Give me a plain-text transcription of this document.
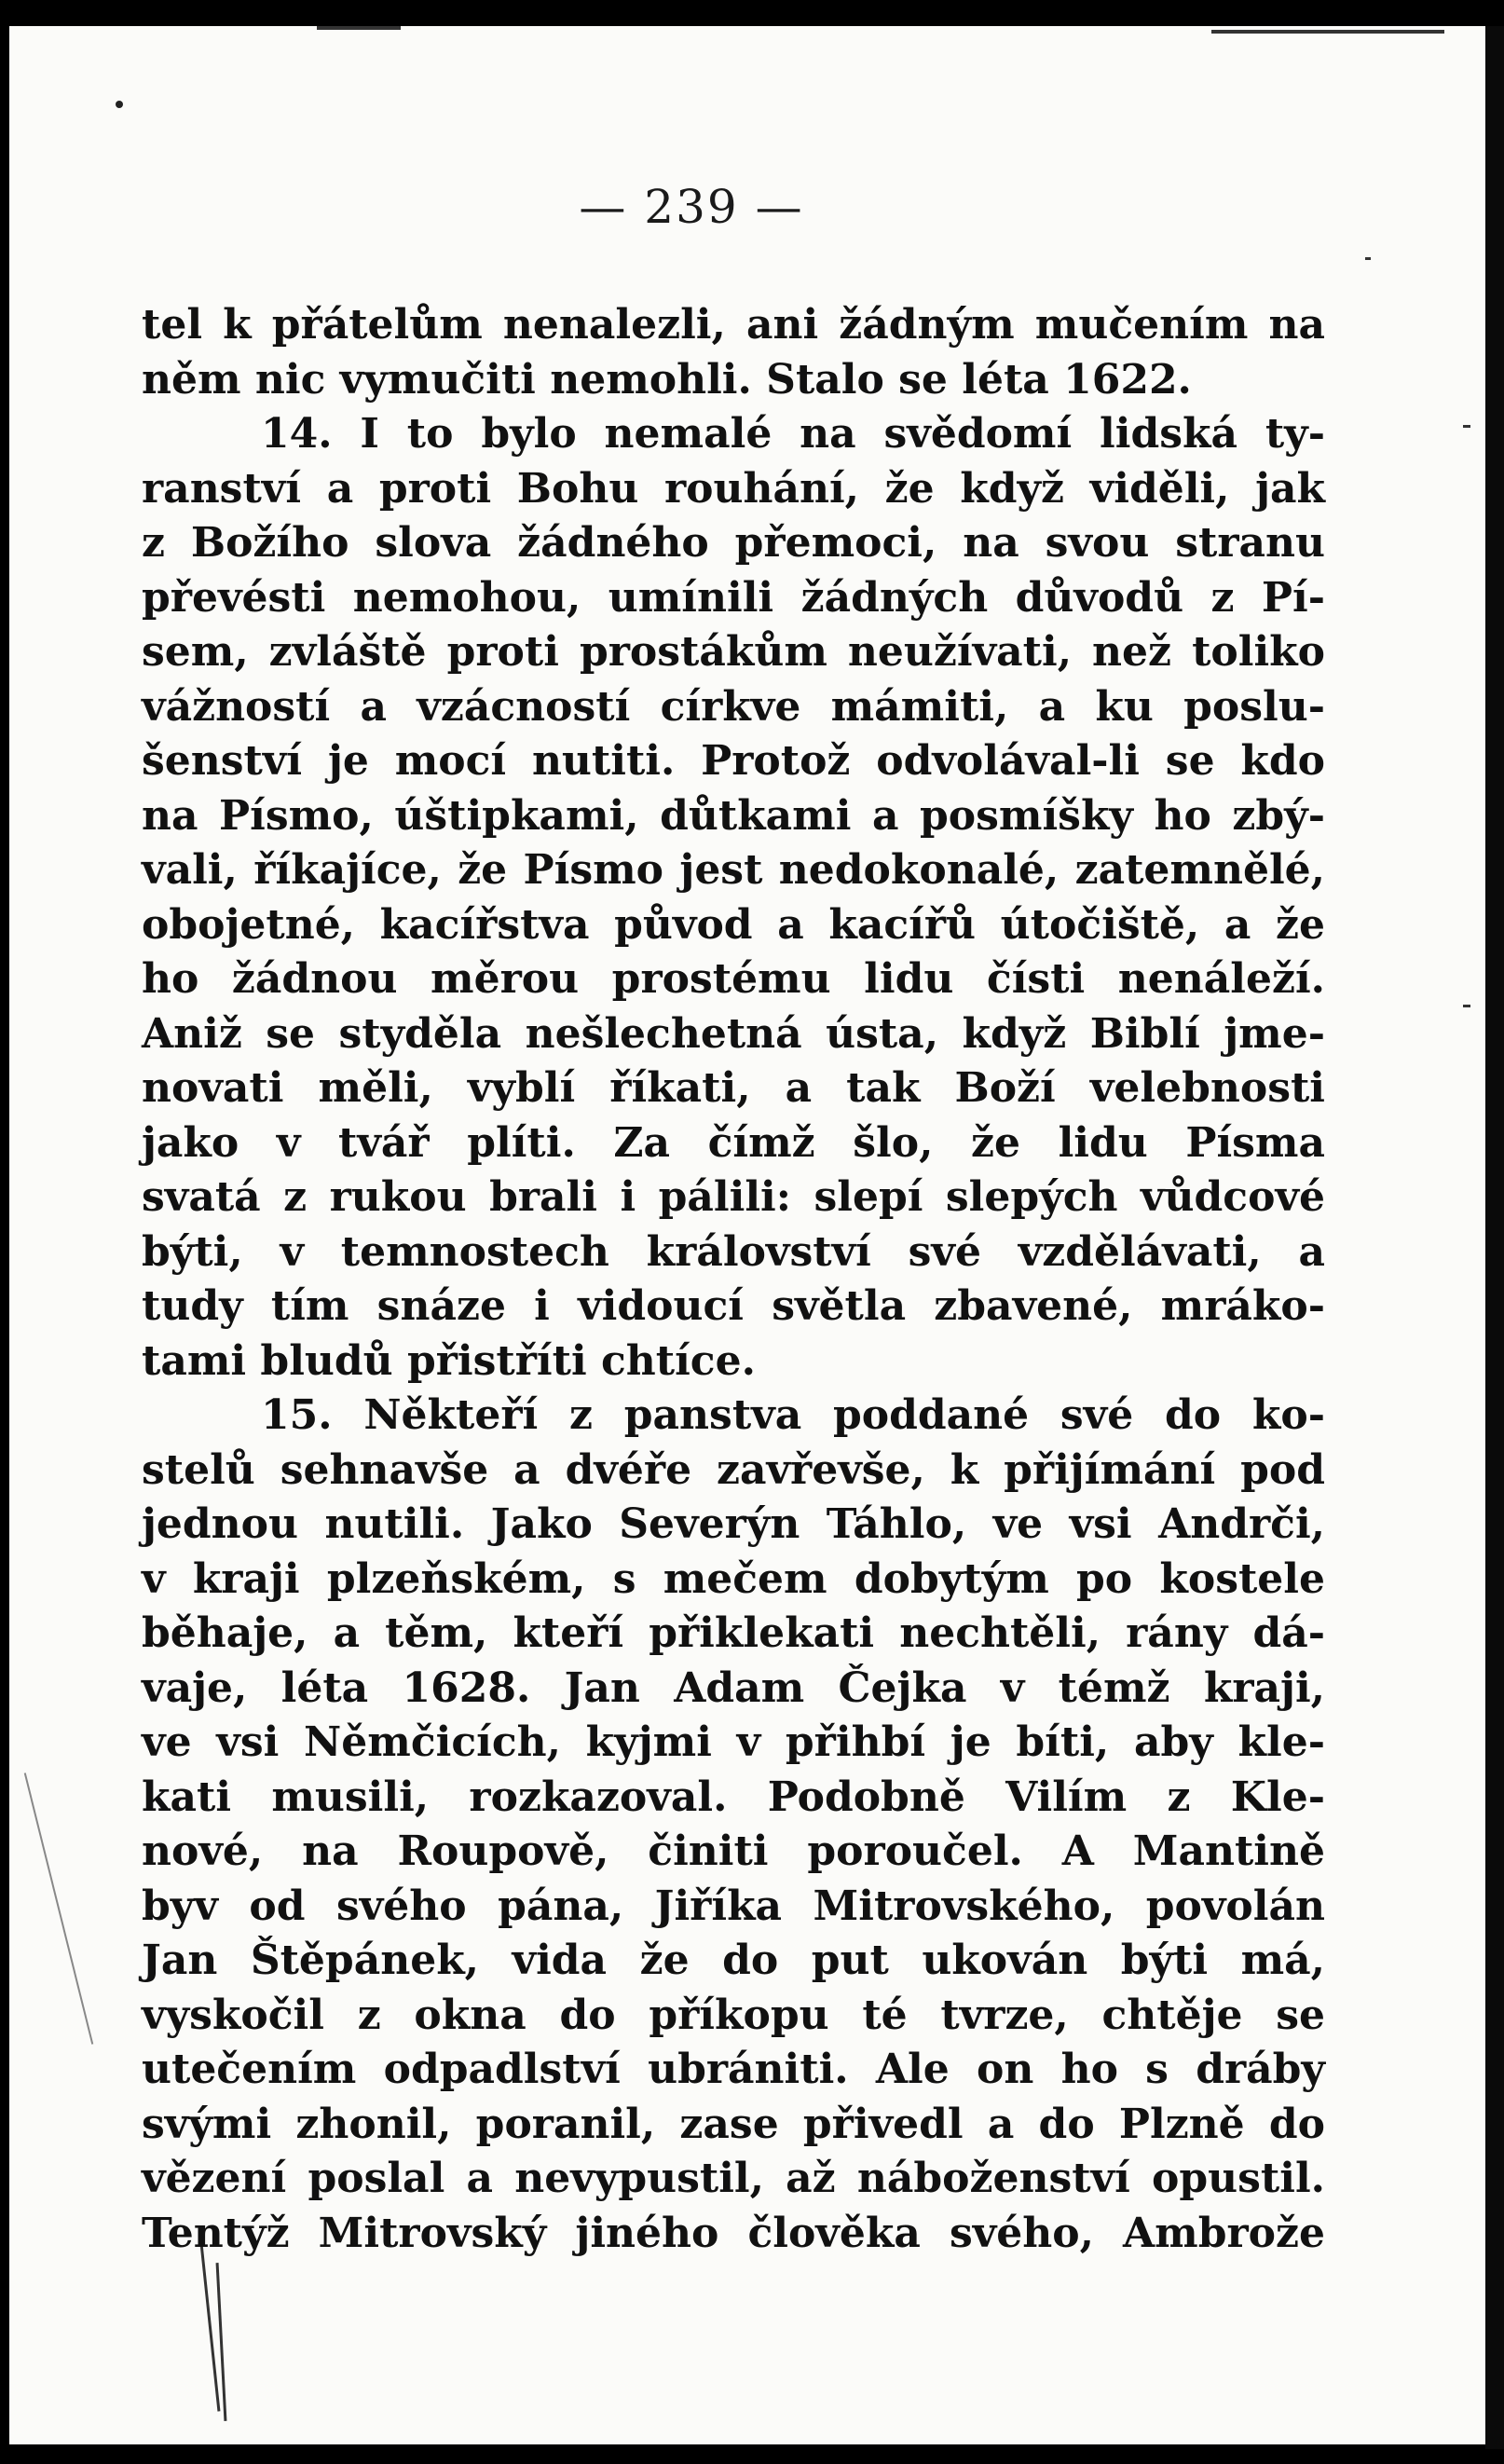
— 239 —
tel k přátelům nenalezli, ani žádným mučením na
něm nic vymučiti nemohli. Stalo se léta 1622.
14. I to bylo nemalé na svědomí lidská ty-
ranství a proti Bohu rouhání, že když viděli, jak
z Božího slova žádného přemoci, na svou stranu
převésti nemohou, umínili žádných důvodů z Pí-
sem, zvláště proti prostákům neužívati, než toliko
vážností a vzácností církve mámiti, a ku poslu-
šenství je mocí nutiti. Protož odvolával-li se kdo
na Písmo, úštipkami, důtkami a posmíšky ho zbý-
vali, říkajíce, že Písmo jest nedokonalé, zatemnělé,
obojetné, kacířstva původ a kacířů útočiště, a že
ho žádnou měrou prostému lidu čísti nenáleží.
Aniž se styděla nešlechetná ústa, když Biblí jme-
novati měli, vyblí říkati, a tak Boží velebnosti
jako v tvář plíti. Za čímž šlo, že lidu Písma
svatá z rukou brali i pálili: slepí slepých vůdcové
býti, v temnostech království své vzdělávati, a
tudy tím snáze i vidoucí světla zbavené, mráko-
tami bludů přistříti chtíce.
15. Někteří z panstva poddané své do ko-
stelů sehnavše a dvéře zavřevše, k přijímání pod
jednou nutili. Jako Severýn Táhlo, ve vsi Andrči,
v kraji plzeňském, s mečem dobytým po kostele
běhaje, a těm, kteří přiklekati nechtěli, rány dá-
vaje, léta 1628. Jan Adam Čejka v témž kraji,
ve vsi Němčicích, kyjmi v přihbí je bíti, aby kle-
kati musili, rozkazoval. Podobně Vilím z Kle-
nové, na Roupově, činiti poroučel. A Mantině
byv od svého pána, Jiříka Mitrovského, povolán
Jan Štěpánek, vida že do put ukován býti má,
vyskočil z okna do příkopu té tvrze, chtěje se
utečením odpadlství ubrániti. Ale on ho s dráby
svými zhonil, poranil, zase přivedl a do Plzně do
vězení poslal a nevypustil, až náboženství opustil.
Tentýž Mitrovský jiného člověka svého, Ambrože
